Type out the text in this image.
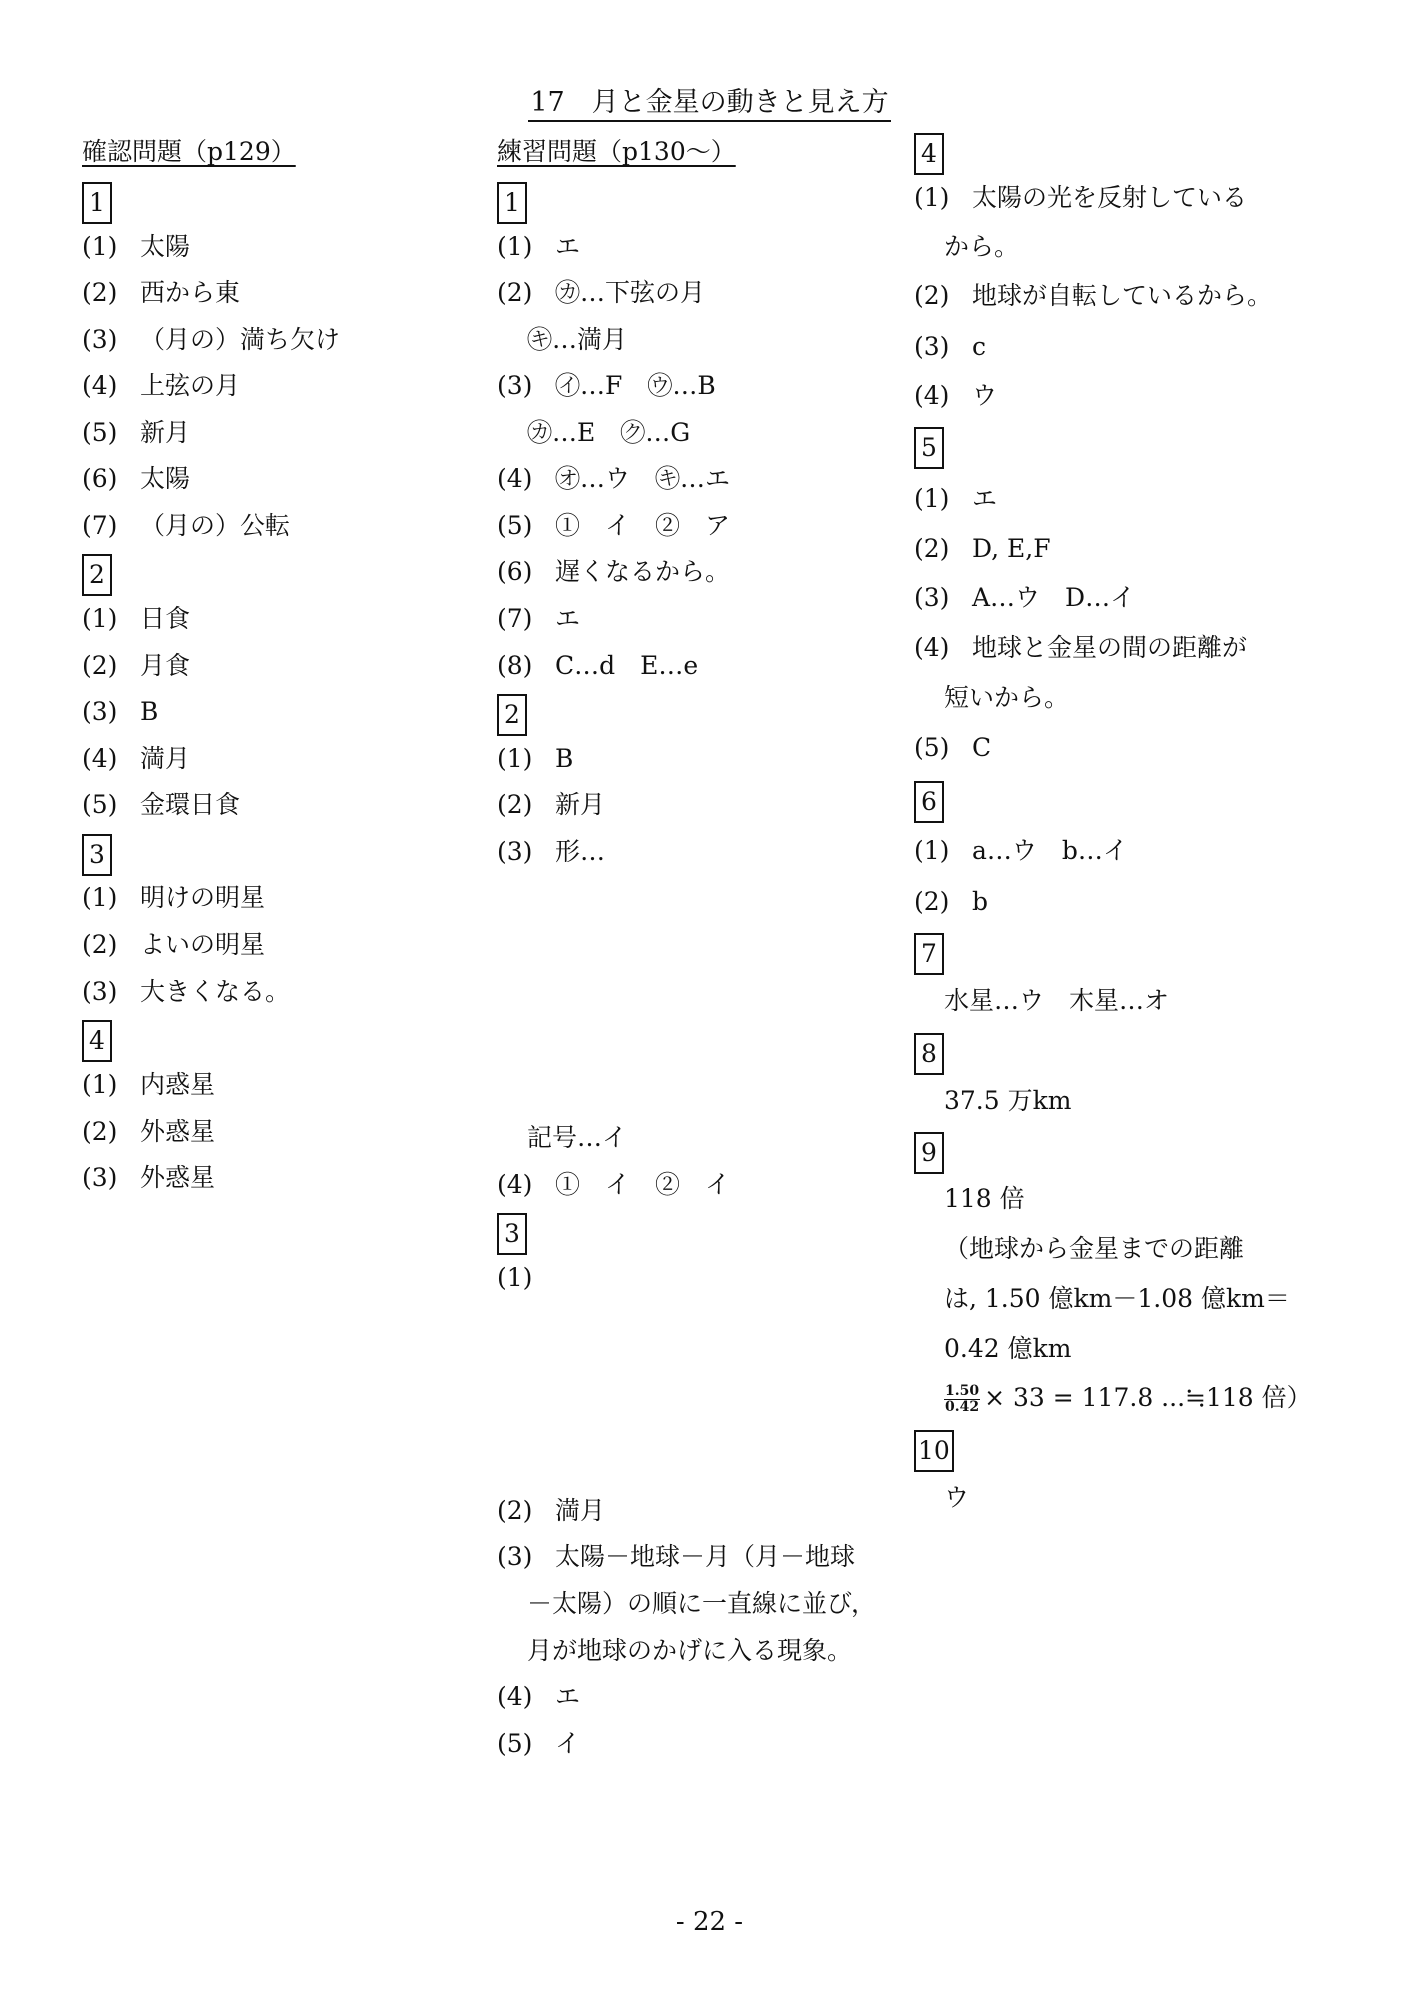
17　月と金星の動きと見え方
確認問題（p129）
1
(1) 太陽
(2) 西から東
(3) （月の）満ち欠け
(4) 上弦の月
(5) 新月
(6) 太陽
(7) （月の）公転
2
(1) 日食
(2) 月食
(3) B
(4) 満月
(5) 金環日食
3
(1) 明けの明星
(2) よいの明星
(3) 大きくなる。
4
(1) 内惑星
(2) 外惑星
(3) 外惑星
練習問題（p130～）
1
(1) エ
(2) ㋕…下弦の月
㋖…満月
(3) ㋑…F　㋒…B
㋕…E　㋗…G
(4) ㋔…ウ　㋖…エ
(5) ①　イ　②　ア
(6) 遅くなるから。
(7) エ
(8) C…d　E…e
2
(1) B
(2) 新月
(3) 形…
記号…イ
(4) ①　イ　②　イ
3
(1)
(2) 満月
(3) 太陽－地球－月（月－地球
－太陽）の順に一直線に並び，
月が地球のかげに入る現象。
(4) エ
(5) イ
4
(1) 太陽の光を反射している
から。
(2) 地球が自転しているから。
(3) c
(4) ウ
5
(1) エ
(2) D, E,F
(3) A…ウ　D…イ
(4) 地球と金星の間の距離が
短いから。
(5) C
6
(1) a…ウ　b…イ
(2) b
7
水星…ウ　木星…オ
8
37.5 万km
9
118 倍
（地球から金星までの距離
は, 1.50 億km－1.08 億km＝
0.42 億km
$\frac{1.50}{0.42} \times 33 = 117.8$ ...≒118 倍）
10
ウ
- 22 -
